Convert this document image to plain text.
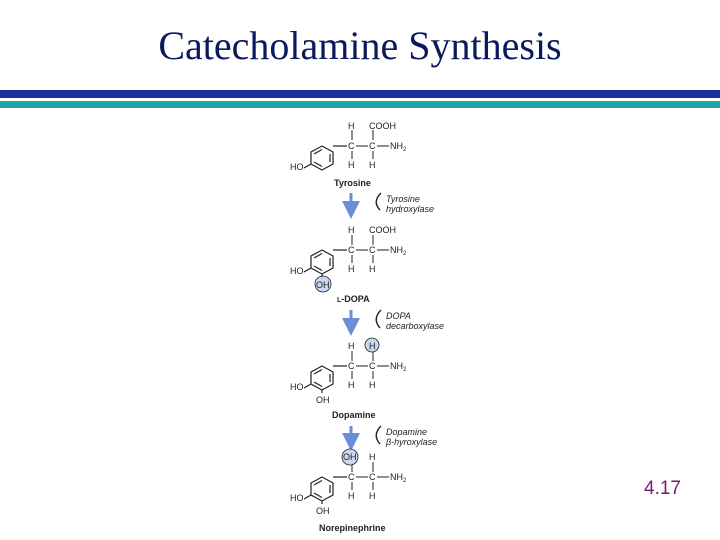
Catecholamine Synthesis
HO
H COOH
C C $NH_2$
H H
Tyrosine
Tyrosine
hydroxylase
HO
OH
H COOH
C C $NH_2$
H H
L-DOPA
DOPA
decarboxylase
HO
OH
H H
C C $NH_2$
H H
Dopamine
Dopamine
β-hyroxylase
HO
OH
OH H
C C $NH_2$
H H
Norepinephrine
4.17
